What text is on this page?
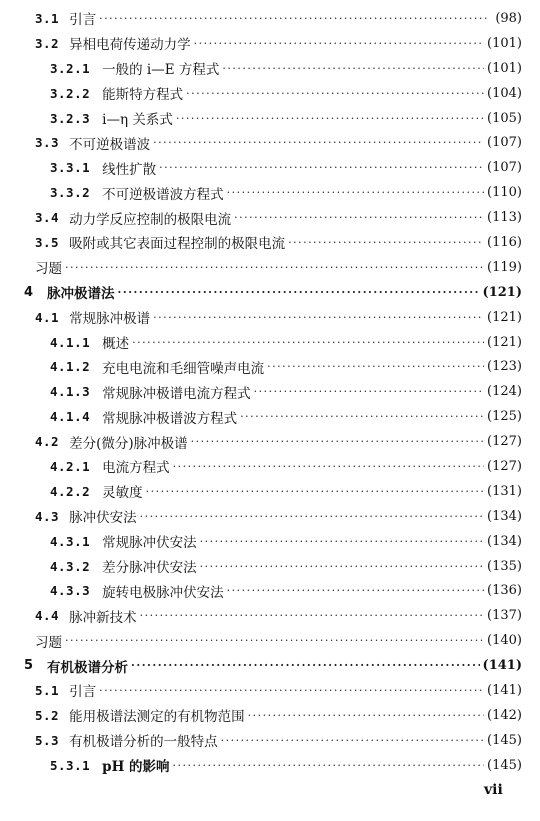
3.1 引言 ·····	(98)
3.2 异相电荷传递动力学 ·····	(101)
3.2.1 一般的 i—E 方程式 ·····	(101)
3.2.2 能斯特方程式 ·····	(104)
3.2.3 i—η 关系式 ·····	(105)
3.3 不可逆极谱波 ·····	(107)
3.3.1 线性扩散 ·····	(107)
3.3.2 不可逆极谱波方程式 ·····	(110)
3.4 动力学反应控制的极限电流 ·····	(113)
3.5 吸附或其它表面过程控制的极限电流 ·····	(116)
习题 ·····	(119)
4	脉冲极谱法 ·····	(121)
4.1 常规脉冲极谱 ·····	(121)
4.1.1 概述 ·····	(121)
4.1.2 充电电流和毛细管噪声电流 ·····	(123)
4.1.3 常规脉冲极谱电流方程式 ·····	(124)
4.1.4 常规脉冲极谱波方程式 ·····	(125)
4.2 差分(微分)脉冲极谱 ·····	(127)
4.2.1 电流方程式 ·····	(127)
4.2.2 灵敏度 ·····	(131)
4.3 脉冲伏安法 ·····	(134)
4.3.1 常规脉冲伏安法 ·····	(134)
4.3.2 差分脉冲伏安法 ·····	(135)
4.3.3 旋转电极脉冲伏安法 ·····	(136)
4.4 脉冲新技术 ·····	(137)
习题 ·····	(140)
5	有机极谱分析 ·····	(141)
5.1 引言 ·····	(141)
5.2 能用极谱法测定的有机物范围 ·····	(142)
5.3 有机极谱分析的一般特点 ·····	(145)
5.3.1 pH 的影响 ·····	(145)
vii
